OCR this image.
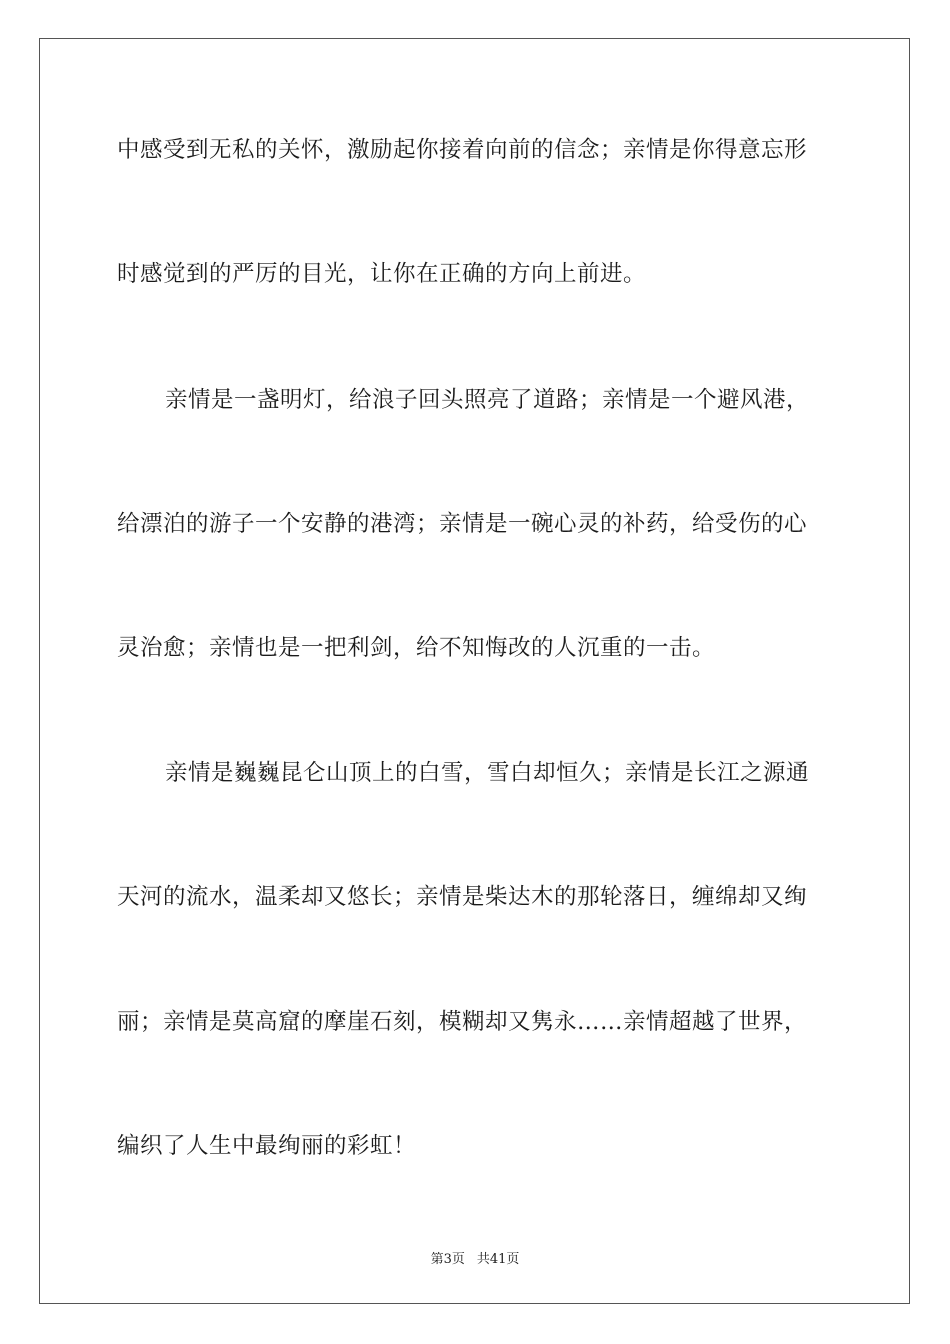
中感受到无私的关怀，激励起你接着向前的信念；亲情是你得意忘形
时感觉到的严厉的目光，让你在正确的方向上前进。
亲情是一盏明灯，给浪子回头照亮了道路；亲情是一个避风港，
给漂泊的游子一个安静的港湾；亲情是一碗心灵的补药，给受伤的心
灵治愈；亲情也是一把利剑，给不知悔改的人沉重的一击。
亲情是巍巍昆仑山顶上的白雪，雪白却恒久；亲情是长江之源通
天河的流水，温柔却又悠长；亲情是柴达木的那轮落日，缠绵却又绚
丽；亲情是莫高窟的摩崖石刻，模糊却又隽永……亲情超越了世界，
编织了人生中最绚丽的彩虹！
第3页 共41页
